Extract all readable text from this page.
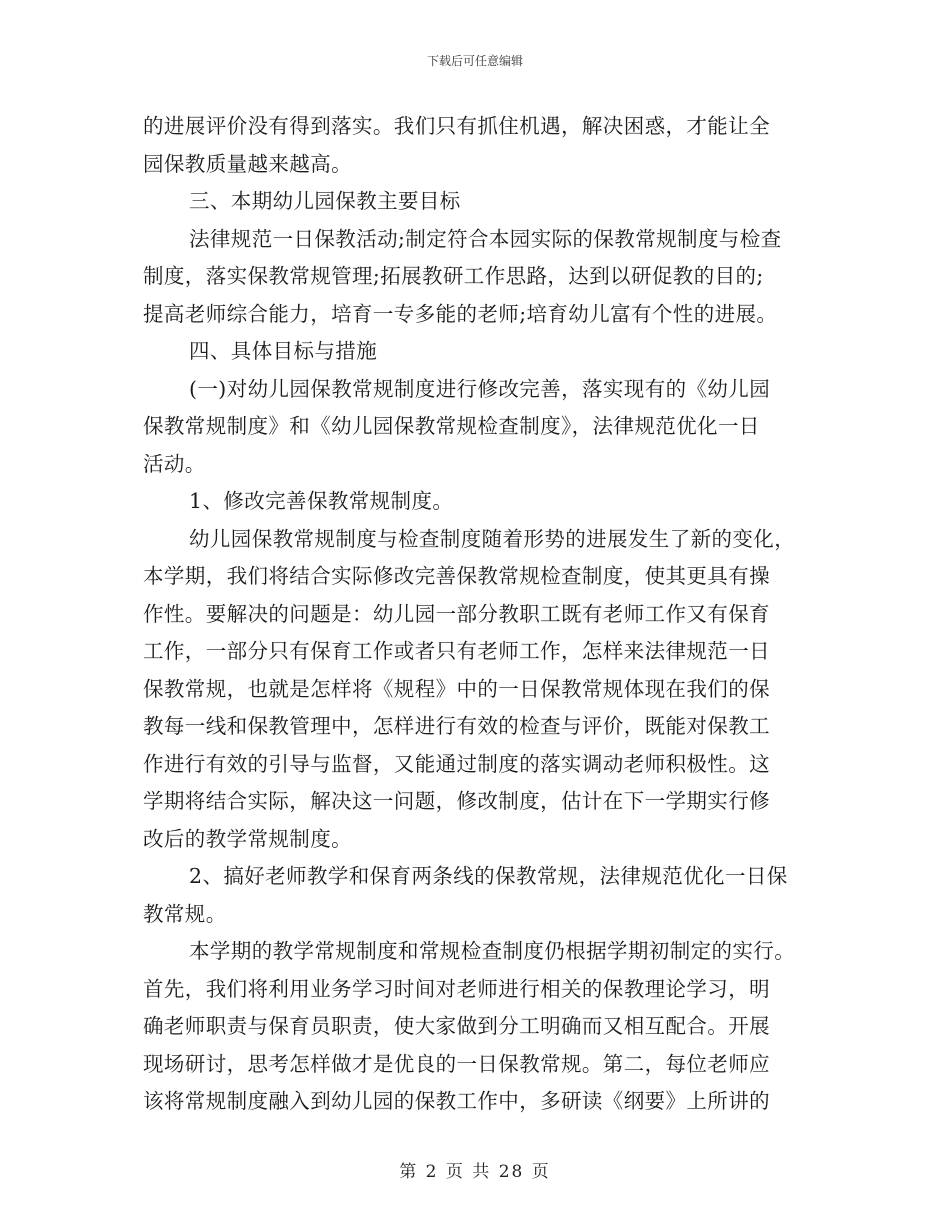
下载后可任意编辑
的进展评价没有得到落实。我们只有抓住机遇，解决困惑，才能让全
园保教质量越来越高。
三、本期幼儿园保教主要目标
法律规范一日保教活动;制定符合本园实际的保教常规制度与检查
制度，落实保教常规管理;拓展教研工作思路，达到以研促教的目的;
提高老师综合能力，培育一专多能的老师;培育幼儿富有个性的进展。
四、具体目标与措施
(一)对幼儿园保教常规制度进行修改完善，落实现有的《幼儿园
保教常规制度》和《幼儿园保教常规检查制度》，法律规范优化一日
活动。
1、修改完善保教常规制度。
幼儿园保教常规制度与检查制度随着形势的进展发生了新的变化，
本学期，我们将结合实际修改完善保教常规检查制度，使其更具有操
作性。要解决的问题是：幼儿园一部分教职工既有老师工作又有保育
工作，一部分只有保育工作或者只有老师工作，怎样来法律规范一日
保教常规，也就是怎样将《规程》中的一日保教常规体现在我们的保
教每一线和保教管理中，怎样进行有效的检查与评价，既能对保教工
作进行有效的引导与监督，又能通过制度的落实调动老师积极性。这
学期将结合实际，解决这一问题，修改制度，估计在下一学期实行修
改后的教学常规制度。
2、搞好老师教学和保育两条线的保教常规，法律规范优化一日保
教常规。
本学期的教学常规制度和常规检查制度仍根据学期初制定的实行。
首先，我们将利用业务学习时间对老师进行相关的保教理论学习，明
确老师职责与保育员职责，使大家做到分工明确而又相互配合。开展
现场研讨，思考怎样做才是优良的一日保教常规。第二，每位老师应
该将常规制度融入到幼儿园的保教工作中，多研读《纲要》上所讲的
第 2 页 共 28 页
